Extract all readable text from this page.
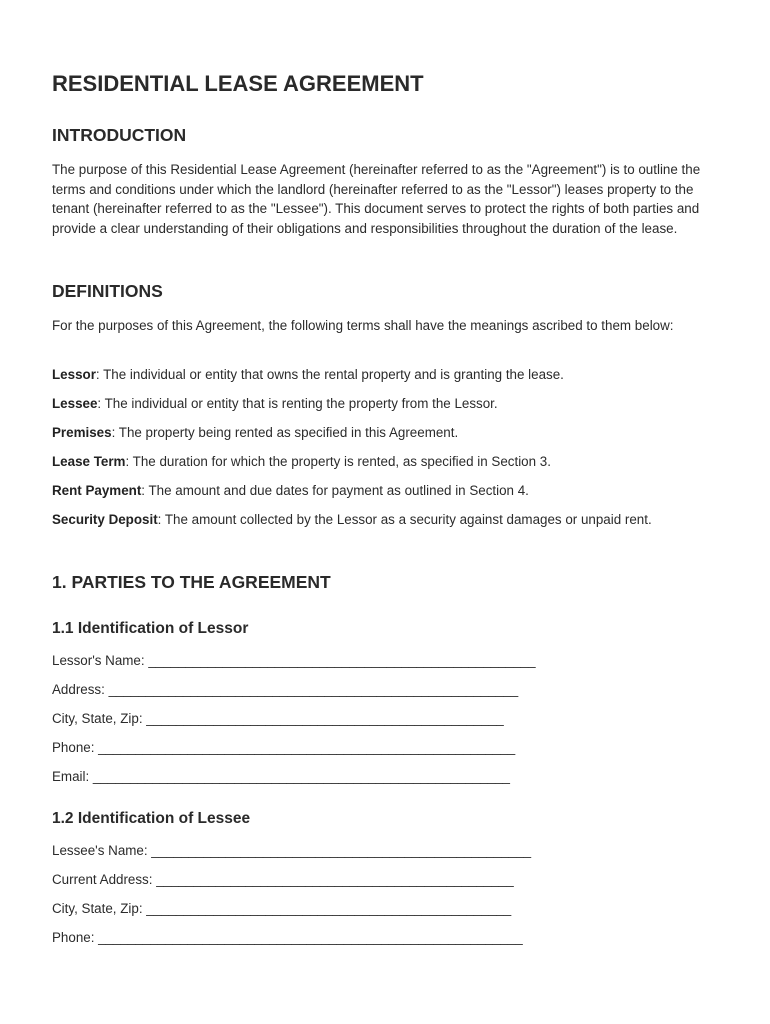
RESIDENTIAL LEASE AGREEMENT
INTRODUCTION

The purpose of this Residential Lease Agreement (hereinafter referred to as the "Agreement") is to outline the terms and conditions under which the landlord (hereinafter referred to as the "Lessor") leases property to the tenant (hereinafter referred to as the "Lessee"). This document serves to protect the rights of both parties and provide a clear understanding of their obligations and responsibilities throughout the duration of the lease.

DEFINITIONS

For the purposes of this Agreement, the following terms shall have the meanings ascribed to them below:

Lessor: The individual or entity that owns the rental property and is granting the lease.

Lessee: The individual or entity that is renting the property from the Lessor.

Premises: The property being rented as specified in this Agreement.

Lease Term: The duration for which the property is rented, as specified in Section 3.

Rent Payment: The amount and due dates for payment as outlined in Section 4.

Security Deposit: The amount collected by the Lessor as a security against damages or unpaid rent.

1. PARTIES TO THE AGREEMENT
1.1 Identification of Lessor

Lessor's Name: ____________________________________________________

Address: _______________________________________________________

City, State, Zip: ________________________________________________

Phone: ________________________________________________________

Email: ________________________________________________________

1.2 Identification of Lessee

Lessee's Name: ___________________________________________________

Current Address: ________________________________________________

City, State, Zip: _________________________________________________

Phone: _________________________________________________________
